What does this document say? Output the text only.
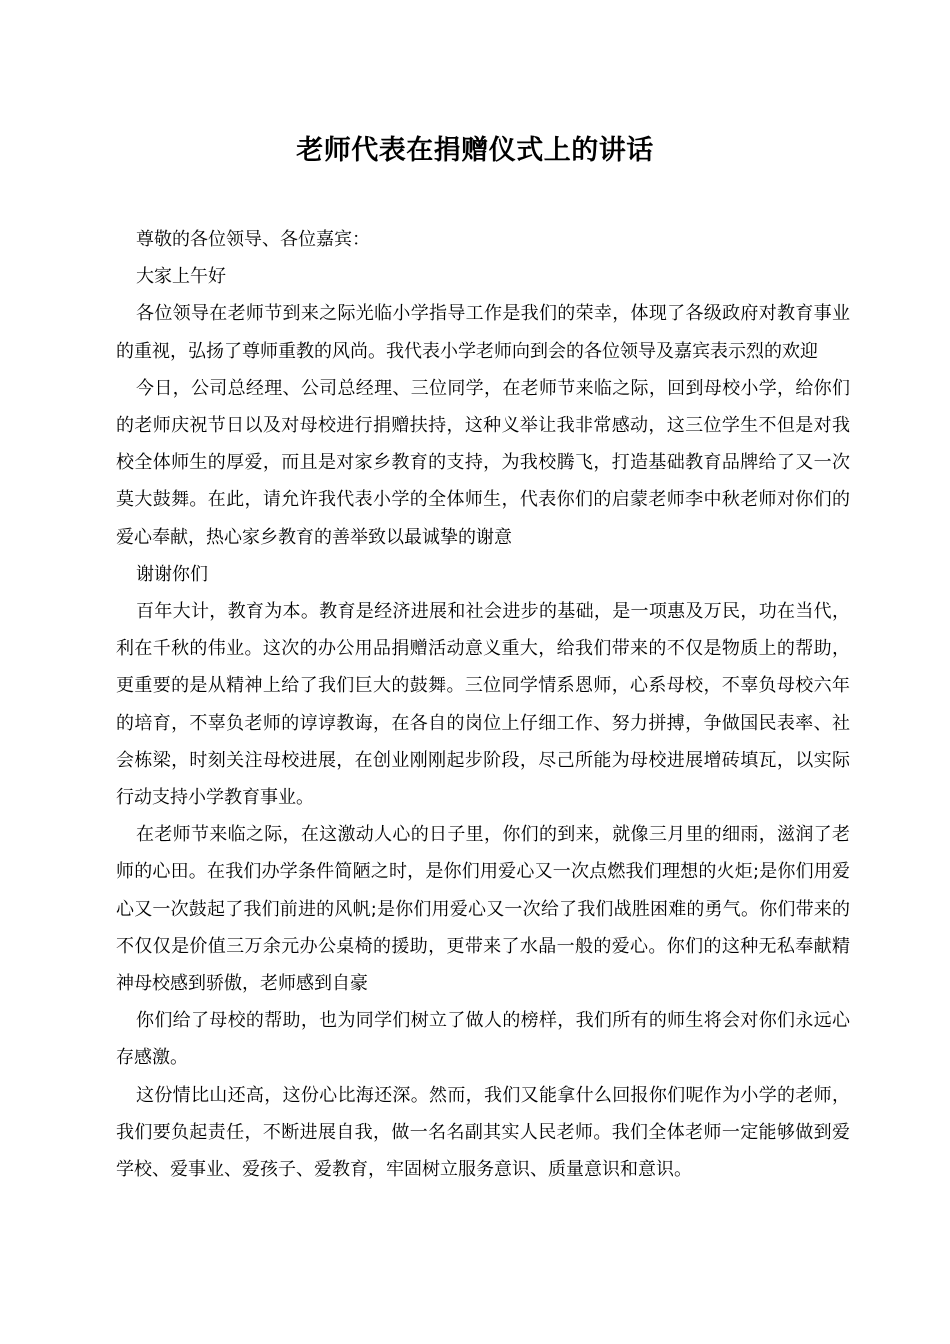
老师代表在捐赠仪式上的讲话

尊敬的各位领导、各位嘉宾：

大家上午好

各位领导在老师节到来之际光临小学指导工作是我们的荣幸，体现了各级政府对教育事业的重视，弘扬了尊师重教的风尚。我代表小学老师向到会的各位领导及嘉宾表示烈的欢迎

今日，公司总经理、公司总经理、三位同学，在老师节来临之际，回到母校小学，给你们的老师庆祝节日以及对母校进行捐赠扶持，这种义举让我非常感动，这三位学生不但是对我校全体师生的厚爱，而且是对家乡教育的支持，为我校腾飞，打造基础教育品牌给了又一次莫大鼓舞。在此，请允许我代表小学的全体师生，代表你们的启蒙老师李中秋老师对你们的爱心奉献，热心家乡教育的善举致以最诚挚的谢意

谢谢你们

百年大计，教育为本。教育是经济进展和社会进步的基础，是一项惠及万民，功在当代，利在千秋的伟业。这次的办公用品捐赠活动意义重大，给我们带来的不仅是物质上的帮助，更重要的是从精神上给了我们巨大的鼓舞。三位同学情系恩师，心系母校，不辜负母校六年的培育，不辜负老师的谆谆教诲，在各自的岗位上仔细工作、努力拼搏，争做国民表率、社会栋梁，时刻关注母校进展，在创业刚刚起步阶段，尽己所能为母校进展增砖填瓦，以实际行动支持小学教育事业。

在老师节来临之际，在这激动人心的日子里，你们的到来，就像三月里的细雨，滋润了老师的心田。在我们办学条件简陋之时，是你们用爱心又一次点燃我们理想的火炬;是你们用爱心又一次鼓起了我们前进的风帆;是你们用爱心又一次给了我们战胜困难的勇气。你们带来的不仅仅是价值三万余元办公桌椅的援助，更带来了水晶一般的爱心。你们的这种无私奉献精神母校感到骄傲，老师感到自豪

你们给了母校的帮助，也为同学们树立了做人的榜样，我们所有的师生将会对你们永远心存感激。

这份情比山还高，这份心比海还深。然而，我们又能拿什么回报你们呢作为小学的老师，我们要负起责任，不断进展自我，做一名名副其实人民老师。我们全体老师一定能够做到爱学校、爱事业、爱孩子、爱教育，牢固树立服务意识、质量意识和意识。
